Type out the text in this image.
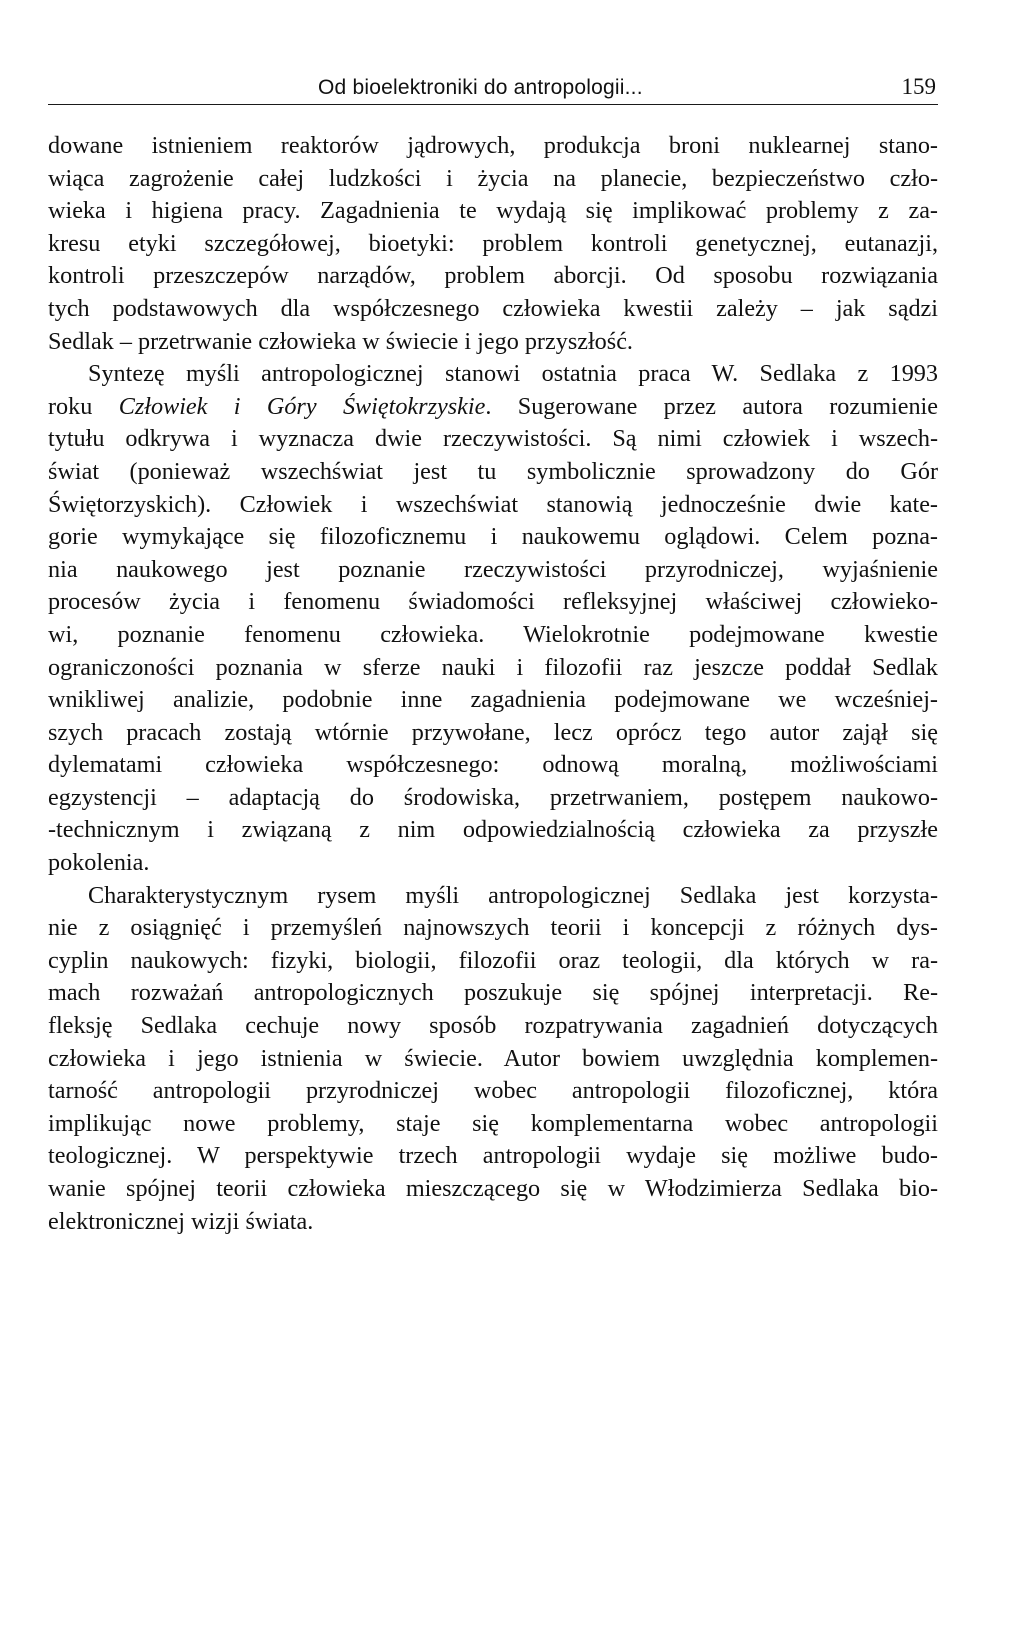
Od bioelektroniki do antropologii...	159
dowane istnieniem reaktorów jądrowych, produkcja broni nuklearnej stano-
wiąca zagrożenie całej ludzkości i życia na planecie, bezpieczeństwo czło-
wieka i higiena pracy. Zagadnienia te wydają się implikować problemy z za-
kresu etyki szczegółowej, bioetyki: problem kontroli genetycznej, eutanazji,
kontroli przeszczepów narządów, problem aborcji. Od sposobu rozwiązania
tych podstawowych dla współczesnego człowieka kwestii zależy – jak sądzi
Sedlak – przetrwanie człowieka w świecie i jego przyszłość.
Syntezę myśli antropologicznej stanowi ostatnia praca W. Sedlaka z 1993
roku Człowiek i Góry Świętokrzyskie. Sugerowane przez autora rozumienie
tytułu odkrywa i wyznacza dwie rzeczywistości. Są nimi człowiek i wszech-
świat (ponieważ wszechświat jest tu symbolicznie sprowadzony do Gór
Świętorzyskich). Człowiek i wszechświat stanowią jednocześnie dwie kate-
gorie wymykające się filozoficznemu i naukowemu oglądowi. Celem pozna-
nia naukowego jest poznanie rzeczywistości przyrodniczej, wyjaśnienie
procesów życia i fenomenu świadomości refleksyjnej właściwej człowieko-
wi, poznanie fenomenu człowieka. Wielokrotnie podejmowane kwestie
ograniczoności poznania w sferze nauki i filozofii raz jeszcze poddał Sedlak
wnikliwej analizie, podobnie inne zagadnienia podejmowane we wcześniej-
szych pracach zostają wtórnie przywołane, lecz oprócz tego autor zajął się
dylematami człowieka współczesnego: odnową moralną, możliwościami
egzystencji – adaptacją do środowiska, przetrwaniem, postępem naukowo-
-technicznym i związaną z nim odpowiedzialnością człowieka za przyszłe
pokolenia.
Charakterystycznym rysem myśli antropologicznej Sedlaka jest korzysta-
nie z osiągnięć i przemyśleń najnowszych teorii i koncepcji z różnych dys-
cyplin naukowych: fizyki, biologii, filozofii oraz teologii, dla których w ra-
mach rozważań antropologicznych poszukuje się spójnej interpretacji. Re-
fleksję Sedlaka cechuje nowy sposób rozpatrywania zagadnień dotyczących
człowieka i jego istnienia w świecie. Autor bowiem uwzględnia komplemen-
tarność antropologii przyrodniczej wobec antropologii filozoficznej, która
implikując nowe problemy, staje się komplementarna wobec antropologii
teologicznej. W perspektywie trzech antropologii wydaje się możliwe budo-
wanie spójnej teorii człowieka mieszczącego się w Włodzimierza Sedlaka bio-
elektronicznej wizji świata.
